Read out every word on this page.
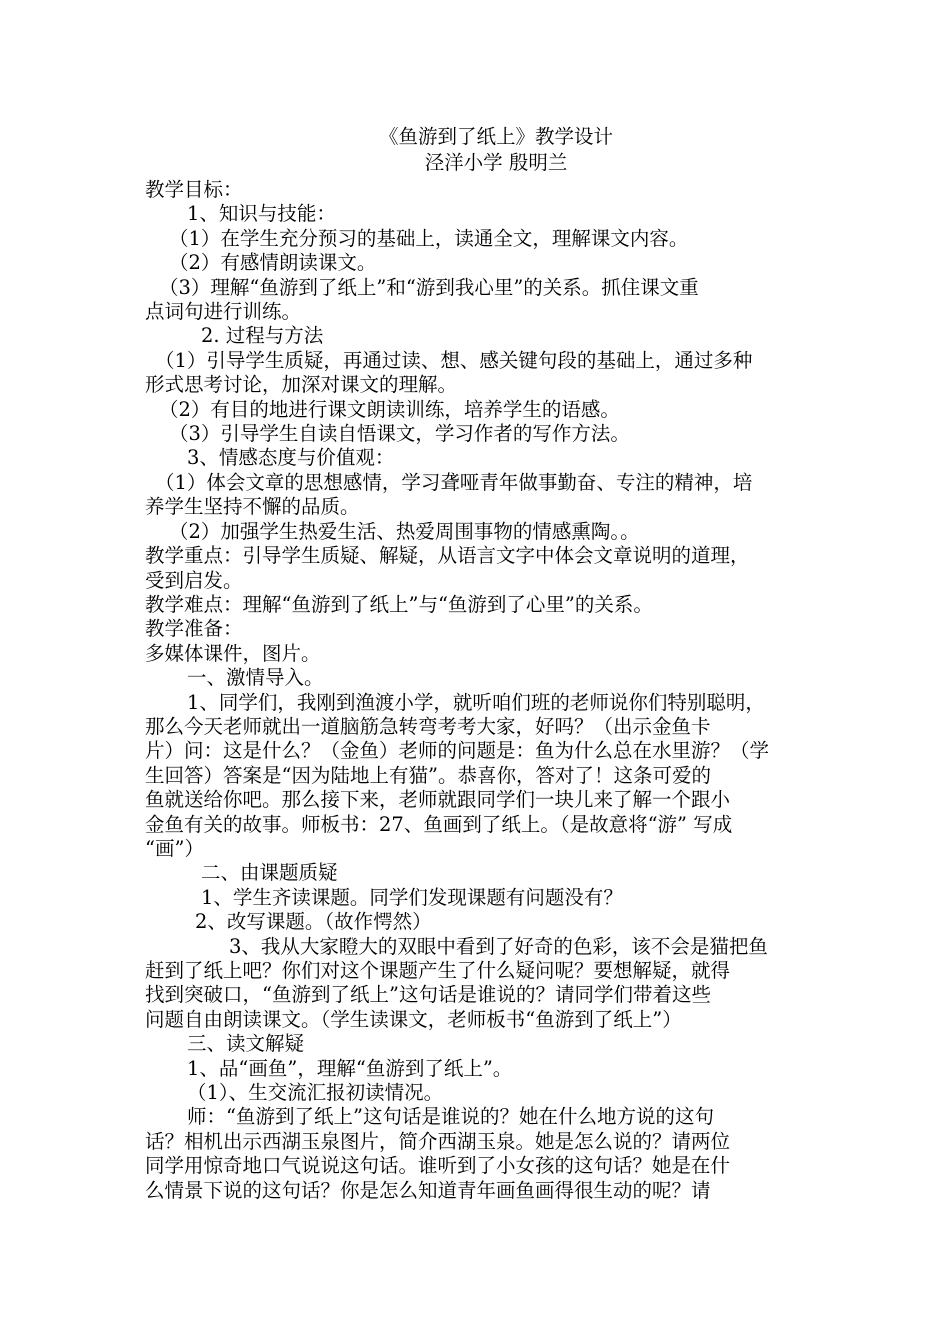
《鱼游到了纸上》教学设计

泾洋小学 殷明兰

教学目标：

1、知识与技能：

（1）在学生充分预习的基础上，读通全文，理解课文内容。

（2）有感情朗读课文。

（3）理解“鱼游到了纸上”和“游到我心里”的关系。抓住课文重

点词句进行训练。

2. 过程与方法

（1）引导学生质疑，再通过读、想、感关键句段的基础上，通过多种

形式思考讨论，加深对课文的理解。

（2）有目的地进行课文朗读训练，培养学生的语感。

（3）引导学生自读自悟课文，学习作者的写作方法。

3、情感态度与价值观：

（1）体会文章的思想感情，学习聋哑青年做事勤奋、专注的精神，培

养学生坚持不懈的品质。

（2）加强学生热爱生活、热爱周围事物的情感熏陶。。

教学重点：引导学生质疑、解疑，从语言文字中体会文章说明的道理，

受到启发。

教学难点：理解“鱼游到了纸上”与“鱼游到了心里”的关系。

教学准备：

多媒体课件，图片。

一、激情导入。

1、同学们，我刚到渔渡小学，就听咱们班的老师说你们特别聪明，

那么今天老师就出一道脑筋急转弯考考大家，好吗？（出示金鱼卡

片）问：这是什么？（金鱼）老师的问题是：鱼为什么总在水里游？（学

生回答）答案是“因为陆地上有猫”。恭喜你，答对了！这条可爱的

鱼就送给你吧。那么接下来，老师就跟同学们一块儿来了解一个跟小

金鱼有关的故事。师板书：27、鱼画到了纸上。（是故意将“游” 写成

“画”）

二、由课题质疑

1、学生齐读课题。同学们发现课题有问题没有？

2、改写课题。（故作愕然）

3、我从大家瞪大的双眼中看到了好奇的色彩，该不会是猫把鱼

赶到了纸上吧？你们对这个课题产生了什么疑问呢？要想解疑，就得

找到突破口，“鱼游到了纸上”这句话是谁说的？请同学们带着这些

问题自由朗读课文。（学生读课文，老师板书“鱼游到了纸上”）

三、读文解疑

1、品“画鱼”，理解“鱼游到了纸上”。

（1）、生交流汇报初读情况。

师：“鱼游到了纸上”这句话是谁说的？她在什么地方说的这句

话？相机出示西湖玉泉图片，简介西湖玉泉。她是怎么说的？请两位

同学用惊奇地口气说说这句话。谁听到了小女孩的这句话？她是在什

么情景下说的这句话？你是怎么知道青年画鱼画得很生动的呢？请
